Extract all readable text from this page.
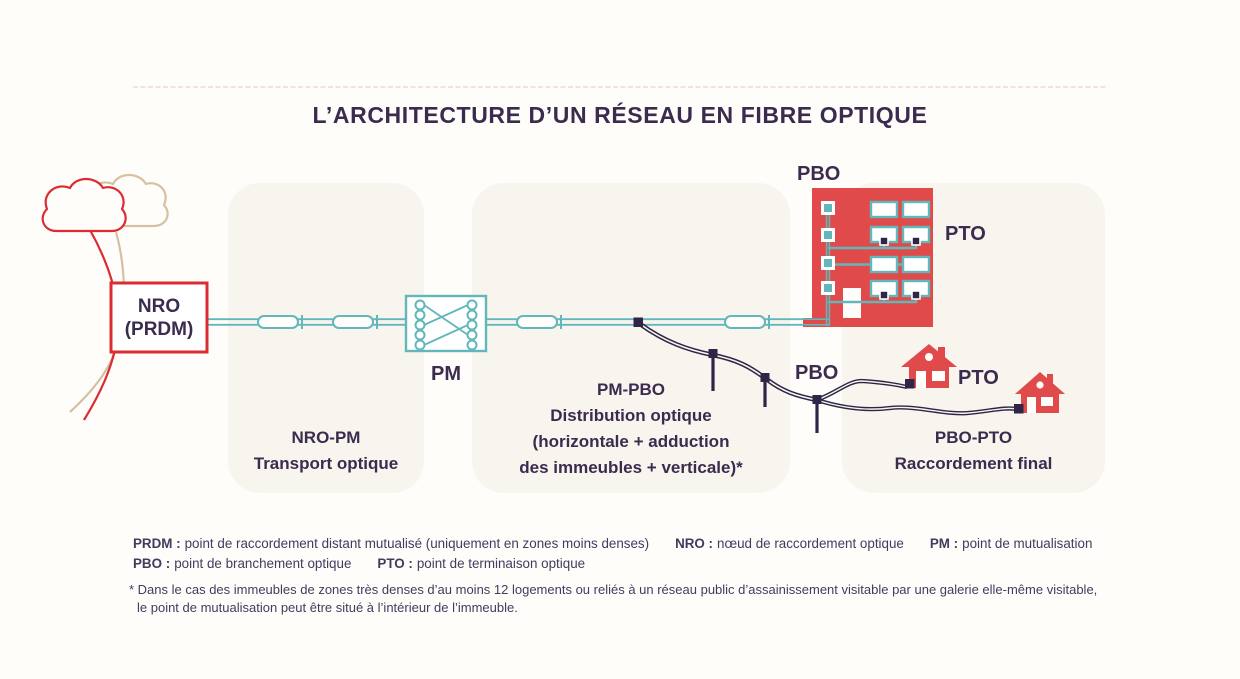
L’ARCHITECTURE D’UN RÉSEAU EN FIBRE OPTIQUE
NRO
(PRDM)
PM
PBO
PTO
PBO	PTO
NRO-PM
Transport optique
PM-PBO
Distribution optique
(horizontale + adduction
des immeubles + verticale)*
PBO-PTO
Raccordement final
PRDM : point de raccordement distant mutualisé (uniquement en zones moins denses) NRO : nœud de raccordement optique PM : point de mutualisation
PBO : point de branchement optique PTO : point de terminaison optique
* Dans le cas des immeubles de zones très denses d’au moins 12 logements ou reliés à un réseau public d’assainissement visitable par une galerie elle-même visitable,
le point de mutualisation peut être situé à l’intérieur de l’immeuble.
